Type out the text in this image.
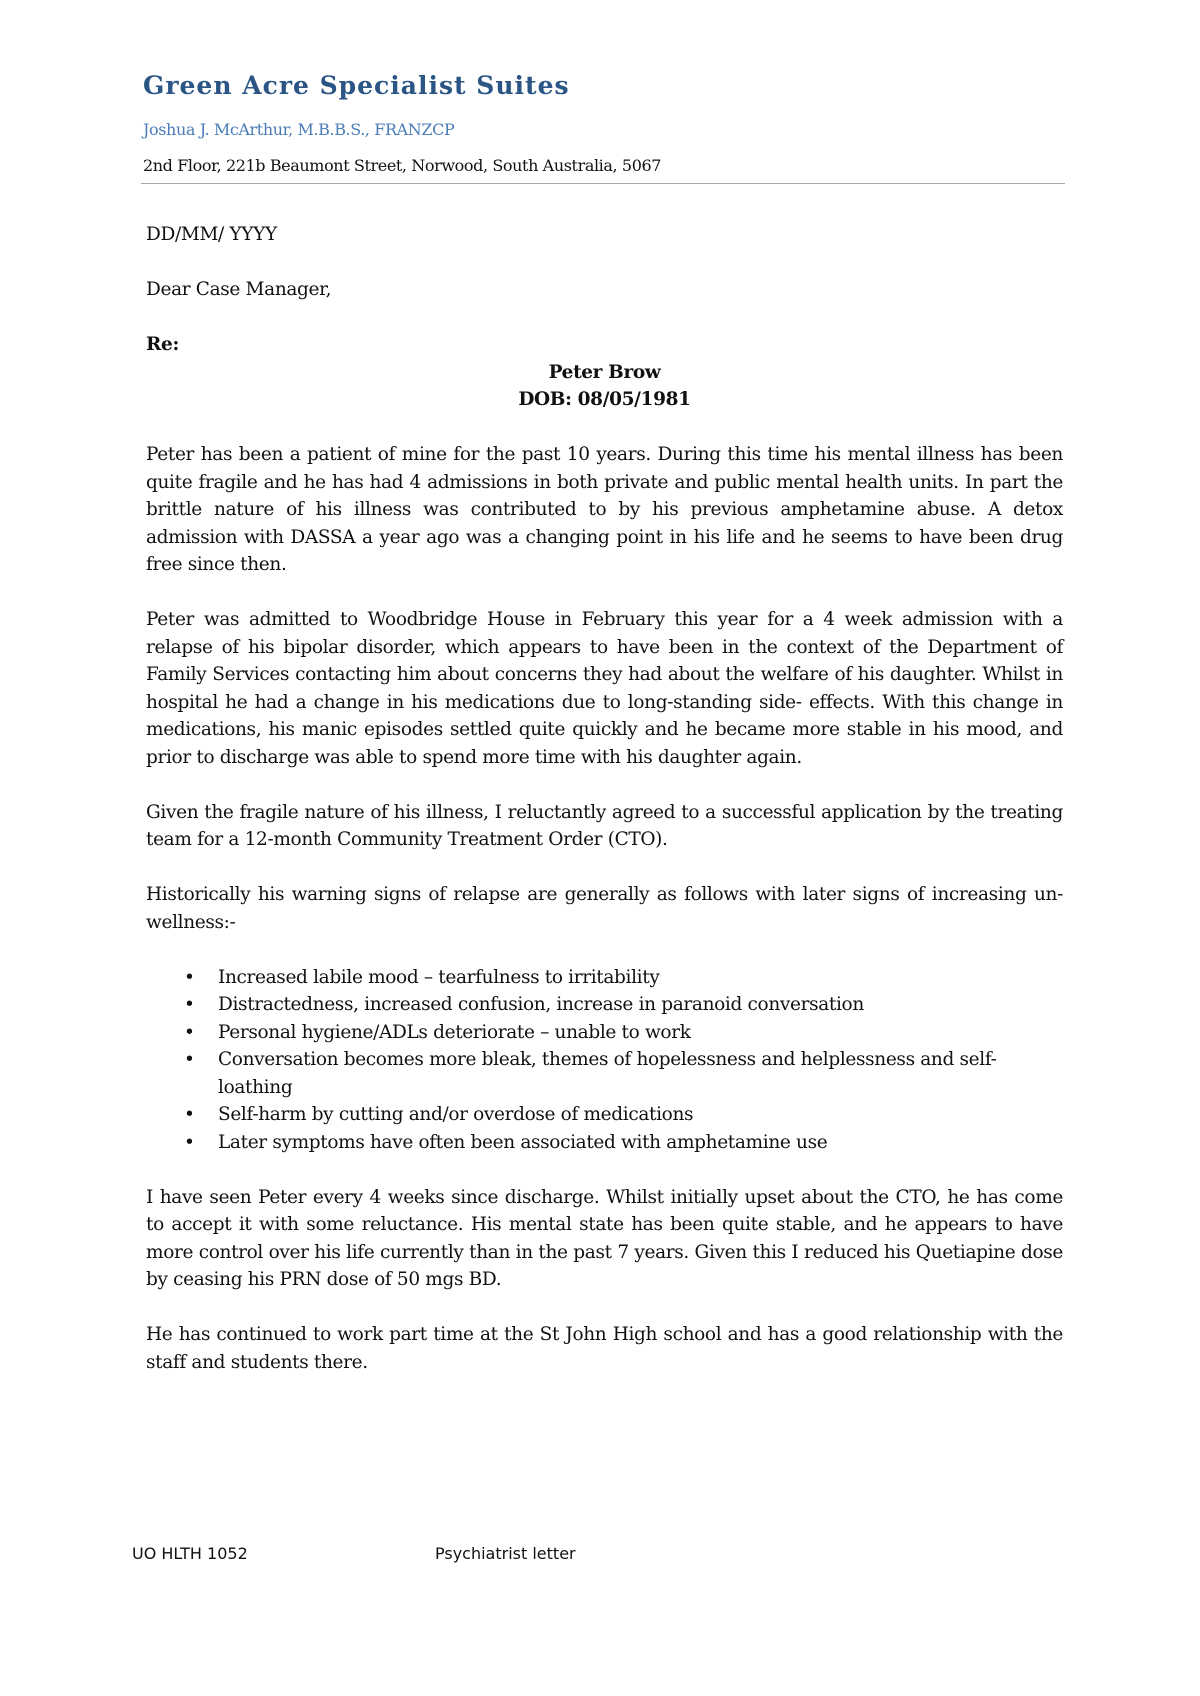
Green Acre Specialist Suites
Joshua J. McArthur, M.B.B.S., FRANZCP
2nd Floor, 221b Beaumont Street, Norwood, South Australia, 5067

DD/MM/ YYYY

Dear Case Manager,

Re:

Peter Brow

DOB: 08/05/1981

Peter has been a patient of mine for the past 10 years. During this time his mental illness has been quite fragile and he has had 4 admissions in both private and public mental health units. In part the brittle nature of his illness was contributed to by his previous amphetamine abuse. A detox admission with DASSA a year ago was a changing point in his life and he seems to have been drug free since then.

Peter was admitted to Woodbridge House in February this year for a 4 week admission with a relapse of his bipolar disorder, which appears to have been in the context of the Department of Family Services contacting him about concerns they had about the welfare of his daughter. Whilst in hospital he had a change in his medications due to long-standing side- effects. With this change in medications, his manic episodes settled quite quickly and he became more stable in his mood, and prior to discharge was able to spend more time with his daughter again.

Given the fragile nature of his illness, I reluctantly agreed to a successful application by the treating team for a 12-month Community Treatment Order (CTO).

Historically his warning signs of relapse are generally as follows with later signs of increasing un-wellness:-

• Increased labile mood – tearfulness to irritability
• Distractedness, increased confusion, increase in paranoid conversation
• Personal hygiene/ADLs deteriorate – unable to work
• Conversation becomes more bleak, themes of hopelessness and helplessness and self-loathing
• Self-harm by cutting and/or overdose of medications
• Later symptoms have often been associated with amphetamine use

I have seen Peter every 4 weeks since discharge. Whilst initially upset about the CTO, he has come to accept it with some reluctance. His mental state has been quite stable, and he appears to have more control over his life currently than in the past 7 years. Given this I reduced his Quetiapine dose by ceasing his PRN dose of 50 mgs BD.

He has continued to work part time at the St John High school and has a good relationship with the staff and students there.

UO HLTH 1052	Psychiatrist letter
